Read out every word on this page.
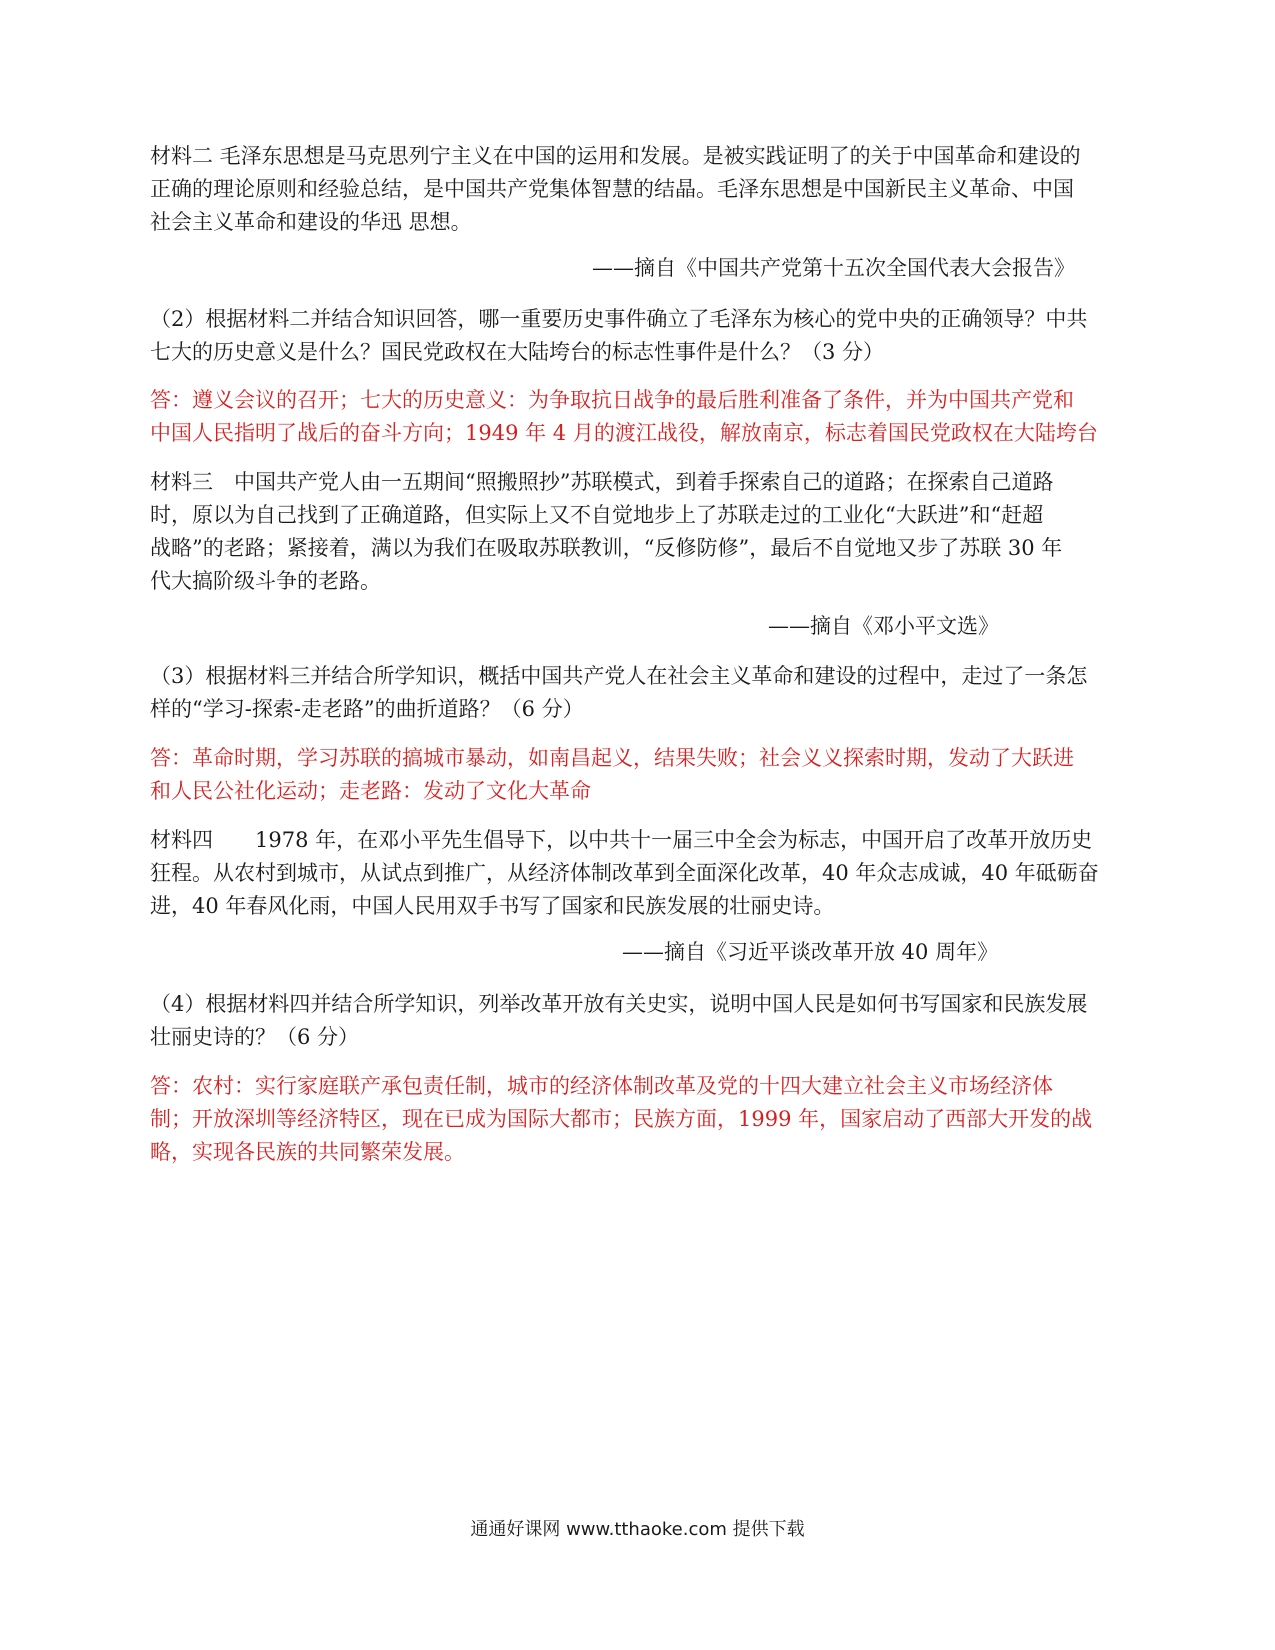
材料二 毛泽东思想是马克思列宁主义在中国的运用和发展。是被实践证明了的关于中国革命和建设的
正确的理论原则和经验总结，是中国共产党集体智慧的结晶。毛泽东思想是中国新民主义革命、中国
社会主义革命和建设的华迅 思想。
——摘自《中国共产党第十五次全国代表大会报告》
（2）根据材料二并结合知识回答，哪一重要历史事件确立了毛泽东为核心的党中央的正确领导？中共
七大的历史意义是什么？国民党政权在大陆垮台的标志性事件是什么？（3 分）
答：遵义会议的召开；七大的历史意义：为争取抗日战争的最后胜利准备了条件，并为中国共产党和
中国人民指明了战后的奋斗方向；1949 年 4 月的渡江战役，解放南京，标志着国民党政权在大陆垮台
材料三　中国共产党人由一五期间“照搬照抄”苏联模式，到着手探索自己的道路；在探索自己道路
时，原以为自己找到了正确道路，但实际上又不自觉地步上了苏联走过的工业化“大跃进”和“赶超
战略”的老路；紧接着，满以为我们在吸取苏联教训，“反修防修”，最后不自觉地又步了苏联 30 年
代大搞阶级斗争的老路。
——摘自《邓小平文选》
（3）根据材料三并结合所学知识，概括中国共产党人在社会主义革命和建设的过程中，走过了一条怎
样的“学习-探索-走老路”的曲折道路？（6 分）
答：革命时期，学习苏联的搞城市暴动，如南昌起义，结果失败；社会义义探索时期，发动了大跃进
和人民公社化运动；走老路：发动了文化大革命
材料四　　1978 年，在邓小平先生倡导下，以中共十一届三中全会为标志，中国开启了改革开放历史
狂程。从农村到城市，从试点到推广，从经济体制改革到全面深化改革，40 年众志成诚，40 年砥砺奋
进，40 年春风化雨，中国人民用双手书写了国家和民族发展的壮丽史诗。
——摘自《习近平谈改革开放 40 周年》
（4）根据材料四并结合所学知识，列举改革开放有关史实，说明中国人民是如何书写国家和民族发展
壮丽史诗的？（6 分）
答：农村：实行家庭联产承包责任制，城市的经济体制改革及党的十四大建立社会主义市场经济体
制；开放深圳等经济特区，现在已成为国际大都市；民族方面，1999 年，国家启动了西部大开发的战
略，实现各民族的共同繁荣发展。
通通好课网 www.tthaoke.com 提供下载
